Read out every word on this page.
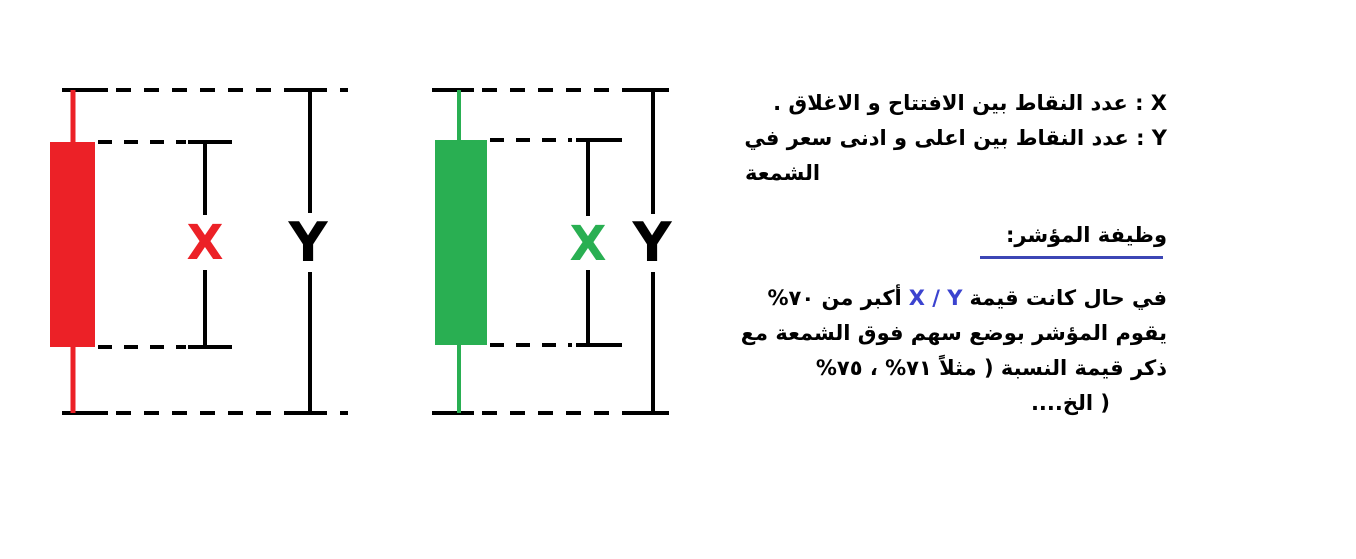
X Y	X Y
X : عدد النقاط بين الافتتاح و الاغلاق .
Y : عدد النقاط بين اعلى و ادنى سعر في
الشمعة
وظيفة المؤشر:
في حال كانت قيمةX / Yأكبر من ٧٠%
يقوم المؤشر بوضع سهم فوق الشمعة مع
ذكر قيمة النسبة ( مثلاً ٧١% ، ٧٥%
....الخ )
